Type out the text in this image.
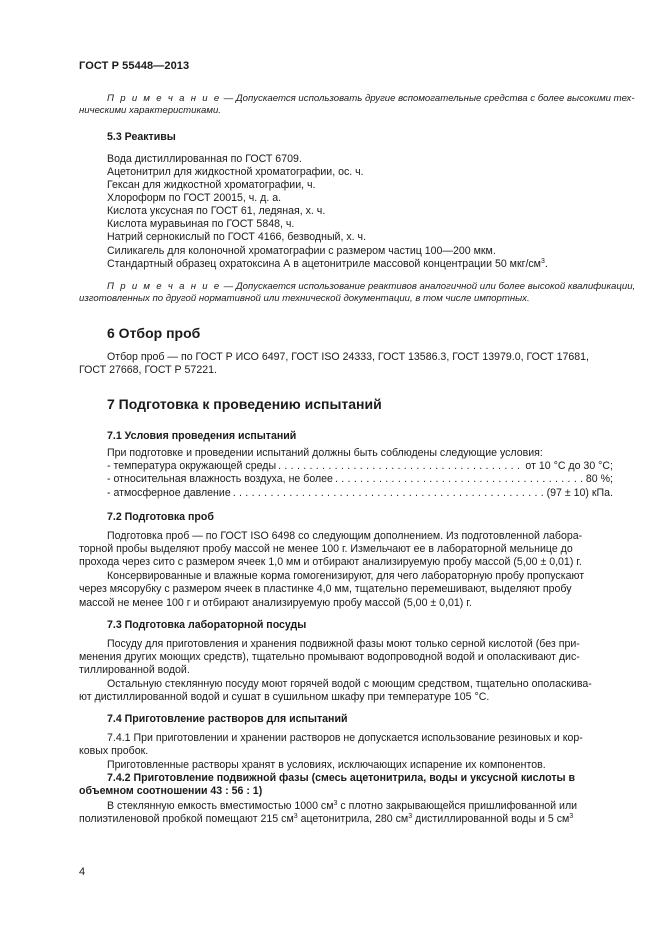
ГОСТ Р 55448—2013
П р и м е ч а н и е — Допускается использовать другие вспомогательные средства с более высокими тех-
ническими характеристиками.
5.3 Реактивы
Вода дистиллированная по ГОСТ 6709.
Ацетонитрил для жидкостной хроматографии, ос. ч.
Гексан для жидкостной хроматографии, ч.
Хлороформ по ГОСТ 20015, ч. д. а.
Кислота уксусная по ГОСТ 61, ледяная, х. ч.
Кислота муравьиная по ГОСТ 5848, ч.
Натрий сернокислый по ГОСТ 4166, безводный, х. ч.
Силикагель для колоночной хроматографии с размером частиц 100—200 мкм.
Стандартный образец охратоксина А в ацетонитриле массовой концентрации 50 мкг/$см^3$.
П р и м е ч а н и е — Допускается использование реактивов аналогичной или более высокой квалификации,
изготовленных по другой нормативной или технической документации, в том числе импортных.
6 Отбор проб
Отбор проб — по ГОСТ Р ИСО 6497, ГОСТ ISO 24333, ГОСТ 13586.3, ГОСТ 13979.0, ГОСТ 17681,
ГОСТ 27668, ГОСТ Р 57221.
7 Подготовка к проведению испытаний
7.1 Условия проведения испытаний
При подготовке и проведении испытаний должны быть соблюдены следующие условия:
- температура окружающей среды . . .	от 10 °С до 30 °С;
- относительная влажность воздуха, не более . . .	80 %;
- атмосферное давление . . .	(97 ± 10) кПа.
7.2 Подготовка проб
Подготовка проб — по ГОСТ ISO 6498 со следующим дополнением. Из подготовленной лабора-
торной пробы выделяют пробу массой не менее 100 г. Измельчают ее в лабораторной мельнице до
прохода через сито с размером ячеек 1,0 мм и отбирают анализируемую пробу массой (5,00 ± 0,01) г.
Консервированные и влажные корма гомогенизируют, для чего лабораторную пробу пропускают
через мясорубку с размером ячеек в пластинке 4,0 мм, тщательно перемешивают, выделяют пробу
массой не менее 100 г и отбирают анализируемую пробу массой (5,00 ± 0,01) г.
7.3 Подготовка лабораторной посуды
Посуду для приготовления и хранения подвижной фазы моют только серной кислотой (без при-
менения других моющих средств), тщательно промывают водопроводной водой и ополаскивают дис-
тиллированной водой.
Остальную стеклянную посуду моют горячей водой с моющим средством, тщательно ополаскива-
ют дистиллированной водой и сушат в сушильном шкафу при температуре 105 °С.
7.4 Приготовление растворов для испытаний
7.4.1 При приготовлении и хранении растворов не допускается использование резиновых и кор-
ковых пробок.
Приготовленные растворы хранят в условиях, исключающих испарение их компонентов.
7.4.2 Приготовление подвижной фазы (смесь ацетонитрила, воды и уксусной кислоты в
объемном соотношении 43 : 56 : 1)
В стеклянную емкость вместимостью 1000 $см^3$ с плотно закрывающейся пришлифованной или
полиэтиленовой пробкой помещают 215 $см^3$ ацетонитрила, 280 $см^3$ дистиллированной воды и 5 $см^3$
4
